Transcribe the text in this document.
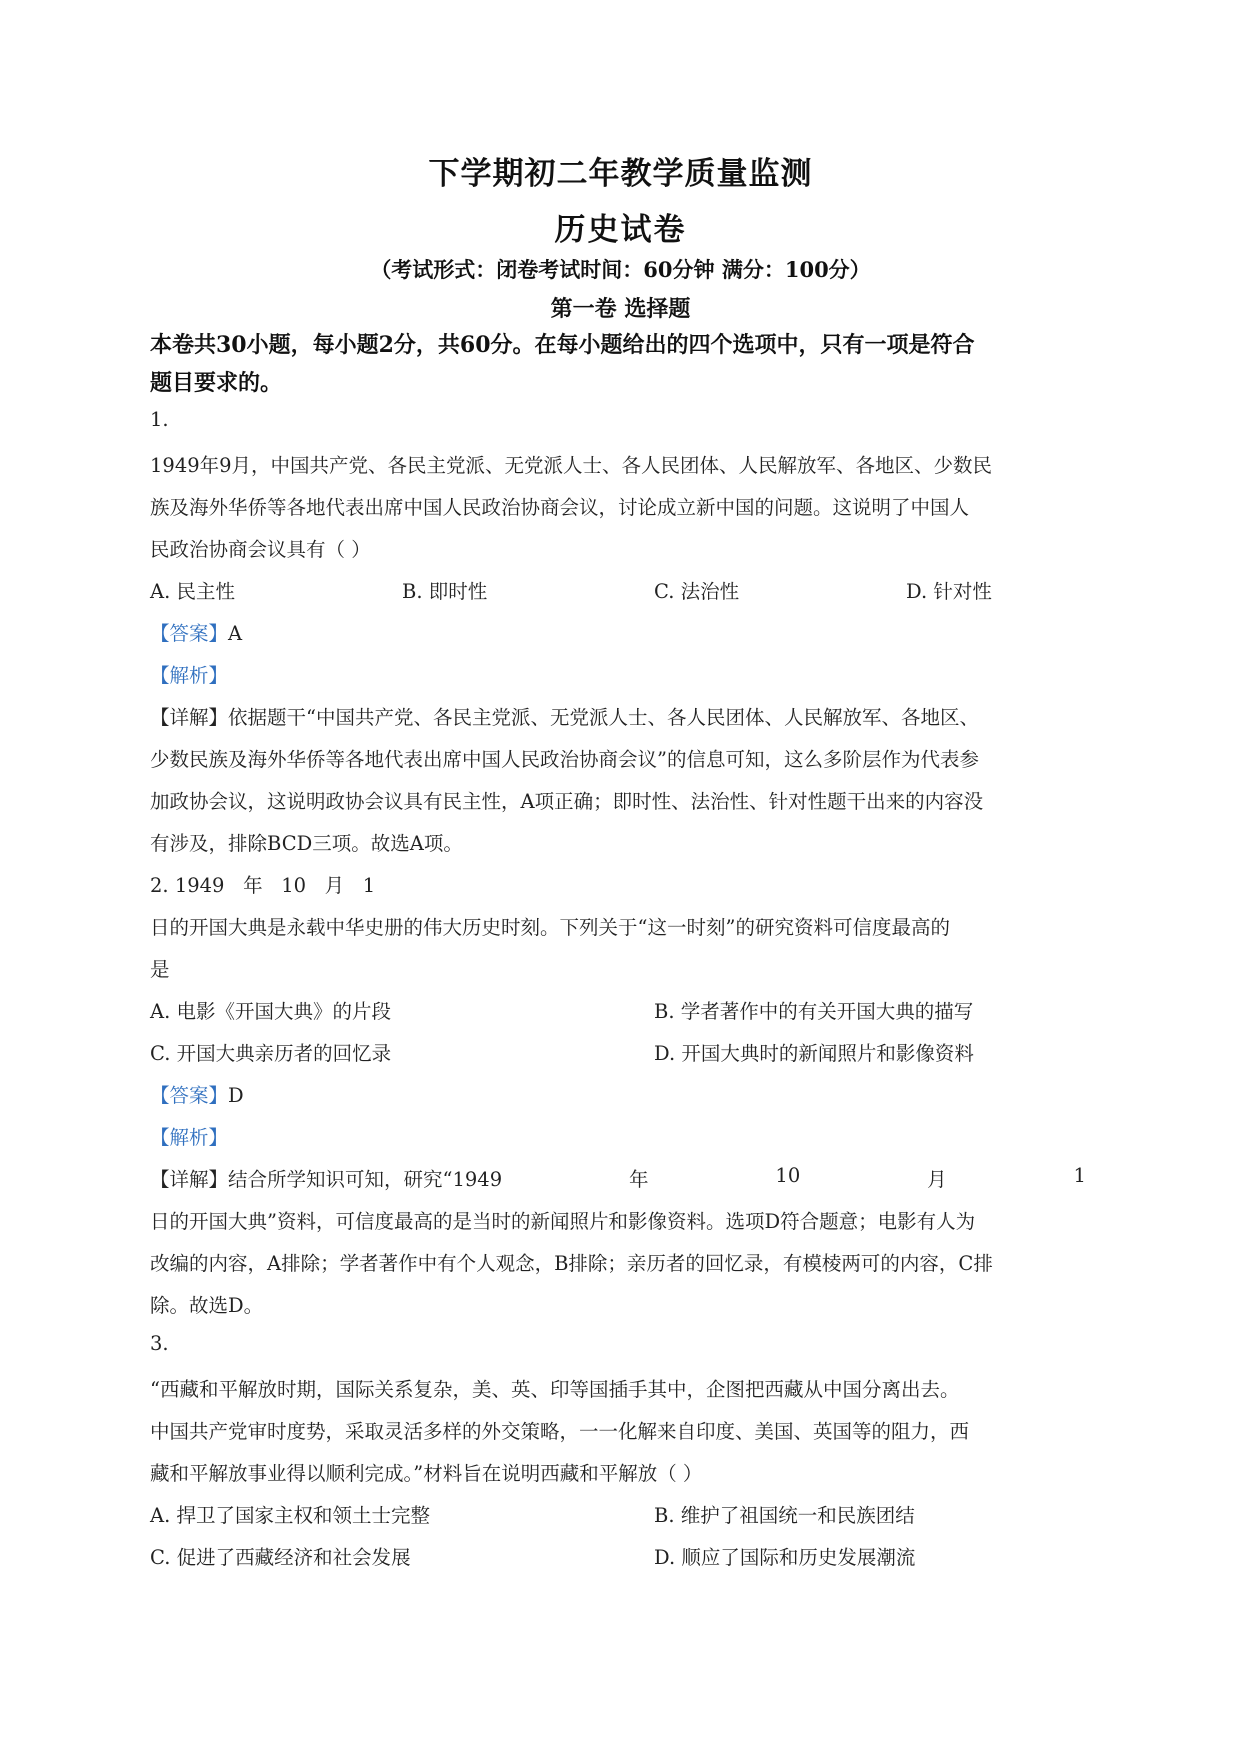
下学期初二年教学质量监测
历史试卷
（考试形式：闭卷考试时间：60分钟 满分：100分）
第一卷 选择题
本卷共30小题，每小题2分，共60分。在每小题给出的四个选项中，只有一项是符合
题目要求的。
1.
1949年9月，中国共产党、各民主党派、无党派人士、各人民团体、人民解放军、各地区、少数民
族及海外华侨等各地代表出席中国人民政治协商会议，讨论成立新中国的问题。这说明了中国人
民政治协商会议具有（ ）
A. 民主性	B. 即时性	C. 法治性	D. 针对性
【答案】A
【解析】
【详解】依据题干“中国共产党、各民主党派、无党派人士、各人民团体、人民解放军、各地区、
少数民族及海外华侨等各地代表出席中国人民政治协商会议”的信息可知，这么多阶层作为代表参
加政协会议，这说明政协会议具有民主性，A项正确；即时性、法治性、针对性题干出来的内容没
有涉及，排除BCD三项。故选A项。
2. 1949 年 10 月 1
日的开国大典是永载中华史册的伟大历史时刻。下列关于“这一时刻”的研究资料可信度最高的
是
A. 电影《开国大典》的片段	B. 学者著作中的有关开国大典的描写
C. 开国大典亲历者的回忆录	D. 开国大典时的新闻照片和影像资料
【答案】D
【解析】
【详解】结合所学知识可知，研究“1949	年	10	月	1
日的开国大典”资料，可信度最高的是当时的新闻照片和影像资料。选项D符合题意；电影有人为
改编的内容，A排除；学者著作中有个人观念，B排除；亲历者的回忆录，有模棱两可的内容，C排
除。故选D。
3.
“西藏和平解放时期，国际关系复杂，美、英、印等国插手其中，企图把西藏从中国分离出去。
中国共产党审时度势，采取灵活多样的外交策略，一一化解来自印度、美国、英国等的阻力，西
藏和平解放事业得以顺利完成。”材料旨在说明西藏和平解放（ ）
A. 捍卫了国家主权和领土士完整	B. 维护了祖国统一和民族团结
C. 促进了西藏经济和社会发展	D. 顺应了国际和历史发展潮流
